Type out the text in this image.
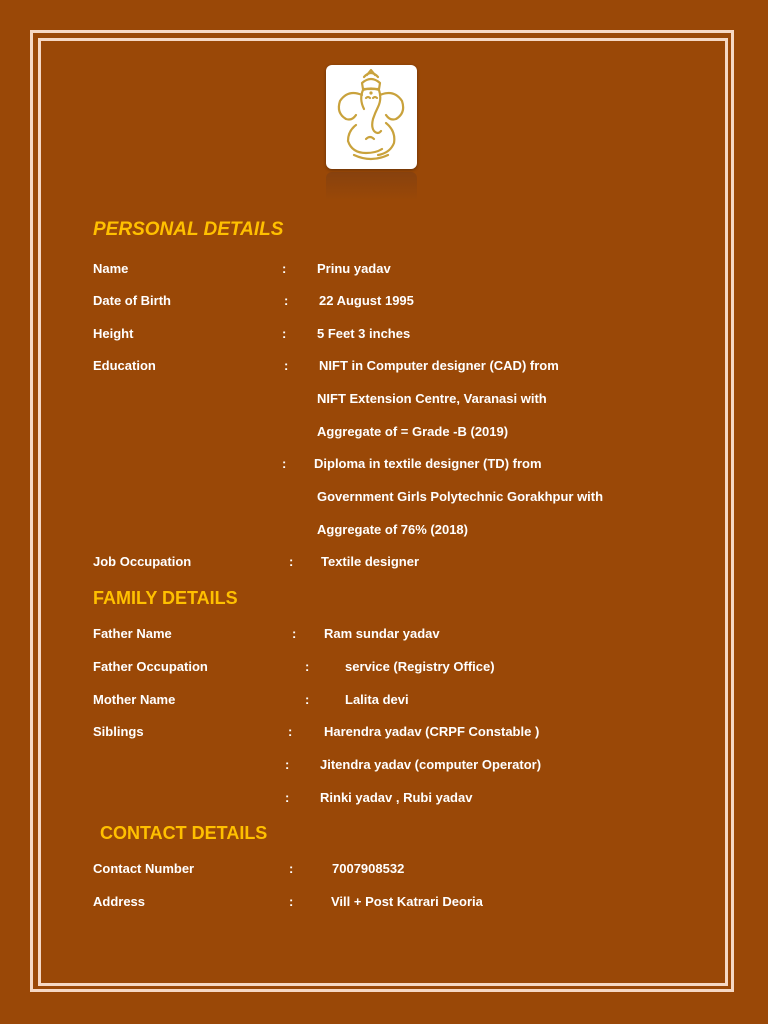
PERSONAL DETAILS
Name	: Prinu yadav
Date of Birth	: 22 August 1995
Height	: 5 Feet 3 inches
Education	: NIFT in Computer designer (CAD) from
NIFT Extension Centre, Varanasi with
Aggregate of = Grade -B (2019)
: Diploma in textile designer (TD) from
Government Girls Polytechnic Gorakhpur with
Aggregate of 76% (2018)
Job Occupation	: Textile designer
FAMILY DETAILS
Father Name	: Ram sundar yadav
Father Occupation	:	service (Registry Office)
Mother Name	:	Lalita devi
Siblings	: Harendra yadav (CRPF Constable )
: Jitendra yadav (computer Operator)
: Rinki yadav , Rubi yadav
CONTACT DETAILS
Contact Number	:	7007908532
Address	:	Vill + Post Katrari Deoria
